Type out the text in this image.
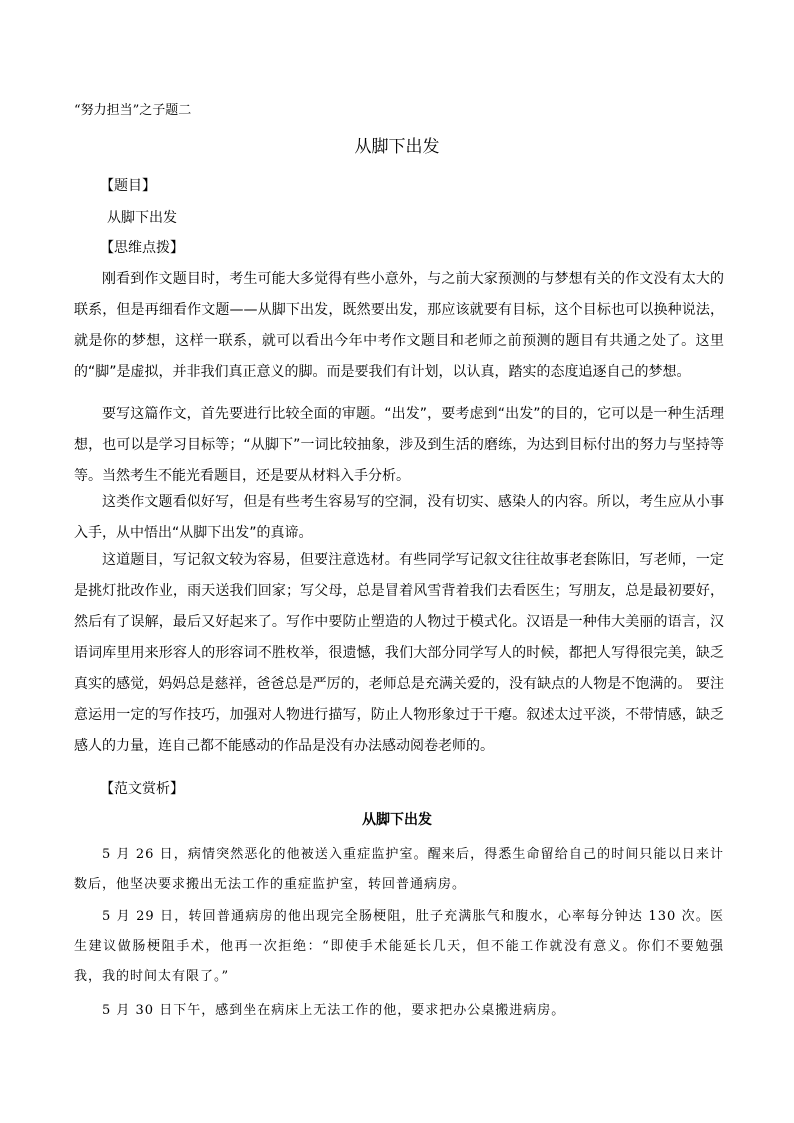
“努力担当”之子题二
从脚下出发
【题目】
从脚下出发
【思维点拨】

刚看到作文题目时，考生可能大多觉得有些小意外，与之前大家预测的与梦想有关的作文没有太大的联系，但是再细看作文题——从脚下出发，既然要出发，那应该就要有目标，这个目标也可以换种说法，就是你的梦想，这样一联系，就可以看出今年中考作文题目和老师之前预测的题目有共通之处了。这里的“脚”是虚拟，并非我们真正意义的脚。而是要我们有计划，以认真，踏实的态度追逐自己的梦想。

要写这篇作文，首先要进行比较全面的审题。“出发”，要考虑到“出发”的目的，它可以是一种生活理想，也可以是学习目标等；“从脚下”一词比较抽象，涉及到生活的磨练，为达到目标付出的努力与坚持等等。当然考生不能光看题目，还是要从材料入手分析。

这类作文题看似好写，但是有些考生容易写的空洞，没有切实、感染人的内容。所以，考生应从小事入手，从中悟出“从脚下出发”的真谛。

这道题目，写记叙文较为容易，但要注意选材。有些同学写记叙文往往故事老套陈旧，写老师，一定是挑灯批改作业，雨天送我们回家；写父母，总是冒着风雪背着我们去看医生；写朋友，总是最初要好，然后有了误解，最后又好起来了。写作中要防止塑造的人物过于模式化。汉语是一种伟大美丽的语言，汉语词库里用来形容人的形容词不胜枚举，很遗憾，我们大部分同学写人的时候，都把人写得很完美，缺乏真实的感觉，妈妈总是慈祥，爸爸总是严厉的，老师总是充满关爱的，没有缺点的人物是不饱满的。 要注意运用一定的写作技巧，加强对人物进行描写，防止人物形象过于干瘪。叙述太过平淡，不带情感，缺乏感人的力量，连自己都不能感动的作品是没有办法感动阅卷老师的。

【范文赏析】
从脚下出发

5 月 26 日，病情突然恶化的他被送入重症监护室。醒来后，得悉生命留给自己的时间只能以日来计数后，他坚决要求搬出无法工作的重症监护室，转回普通病房。

5 月 29 日，转回普通病房的他出现完全肠梗阻，肚子充满胀气和腹水，心率每分钟达 130 次。医生建议做肠梗阻手术，他再一次拒绝：“即使手术能延长几天，但不能工作就没有意义。你们不要勉强我，我的时间太有限了。”

5 月 30 日下午，感到坐在病床上无法工作的他，要求把办公桌搬进病房。
